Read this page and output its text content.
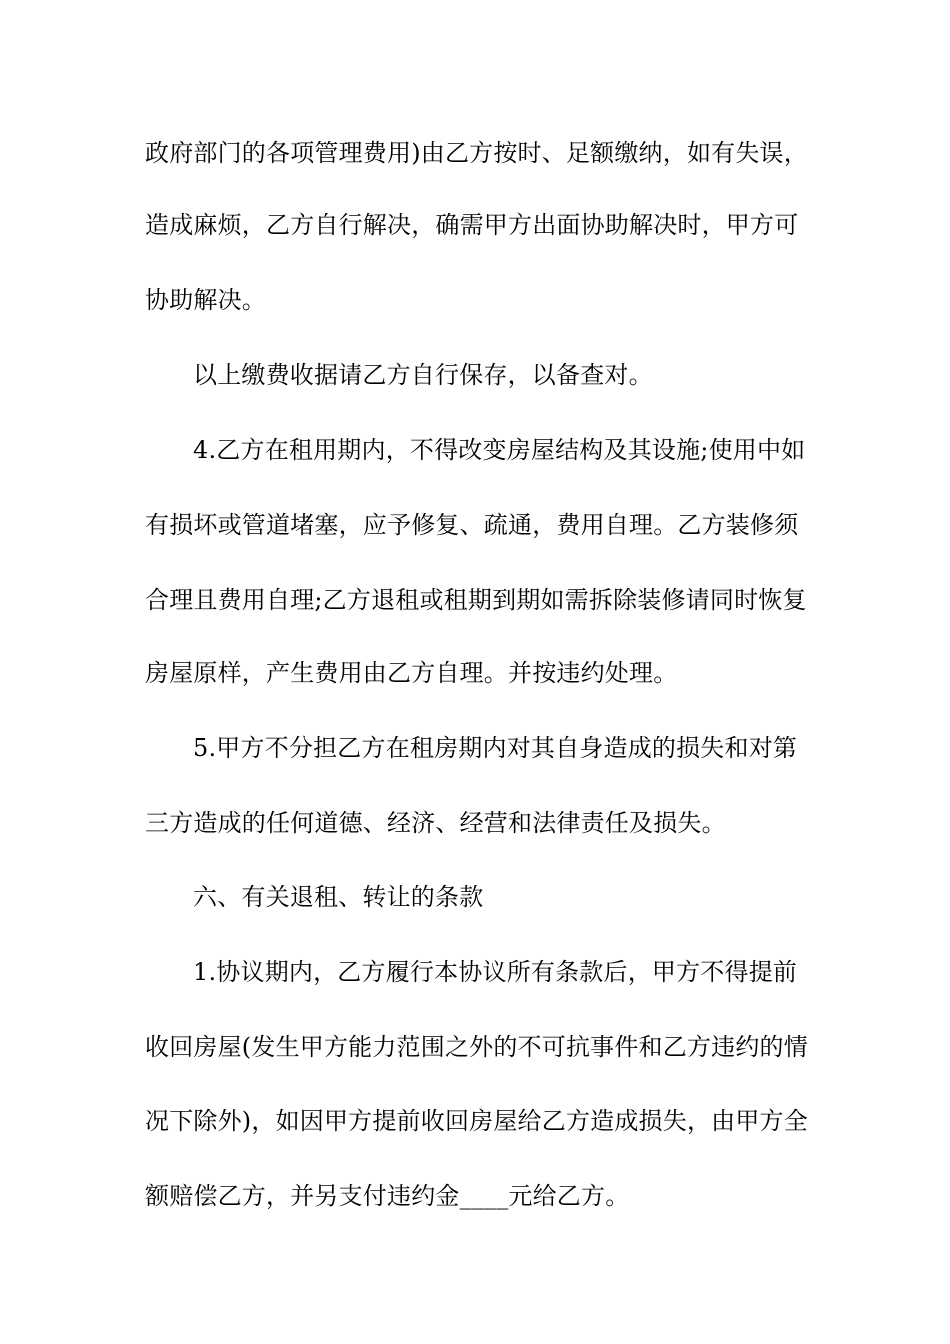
政府部门的各项管理费用)由乙方按时、足额缴纳，如有失误，
造成麻烦，乙方自行解决，确需甲方出面协助解决时，甲方可
协助解决。
以上缴费收据请乙方自行保存，以备查对。
4.乙方在租用期内，不得改变房屋结构及其设施;使用中如
有损坏或管道堵塞，应予修复、疏通，费用自理。乙方装修须
合理且费用自理;乙方退租或租期到期如需拆除装修请同时恢复
房屋原样，产生费用由乙方自理。并按违约处理。
5.甲方不分担乙方在租房期内对其自身造成的损失和对第
三方造成的任何道德、经济、经营和法律责任及损失。
六、有关退租、转让的条款
1.协议期内，乙方履行本协议所有条款后，甲方不得提前
收回房屋(发生甲方能力范围之外的不可抗事件和乙方违约的情
况下除外)，如因甲方提前收回房屋给乙方造成损失，由甲方全
额赔偿乙方，并另支付违约金____元给乙方。
